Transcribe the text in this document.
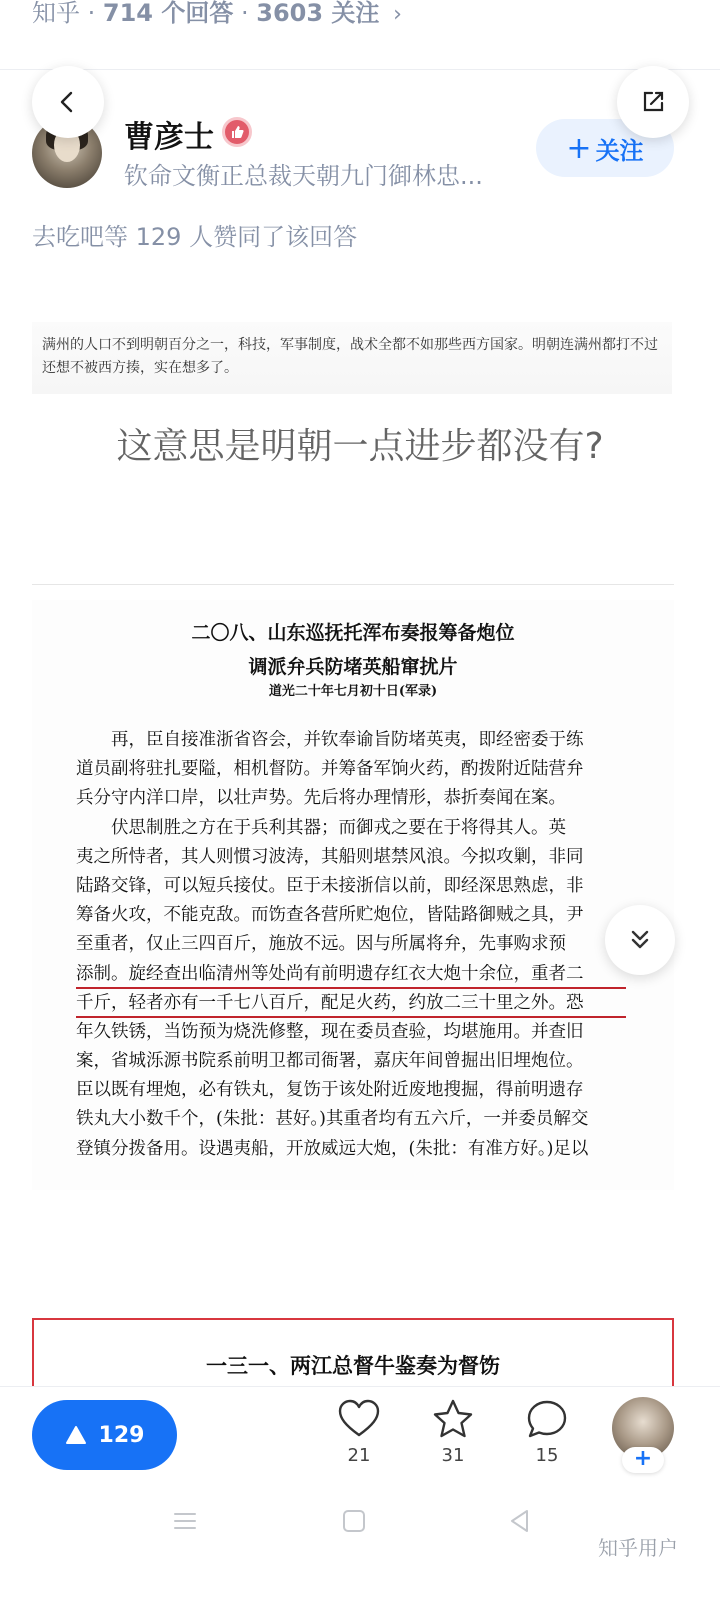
知乎 · 714 个回答 · 3603 关注 ›
曹彦士
钦命文衡正总裁天朝九门御林忠...
+ 关注
去吃吧等 129 人赞同了该回答
满州的人口不到明朝百分之一，科技，军事制度，战术全都不如那些西方国家。明朝连满州都打不过还想不被西方揍，实在想多了。
这意思是明朝一点进步都没有?
二〇八、山东巡抚托浑布奏报筹备炮位
调派弁兵防堵英船窜扰片
道光二十年七月初十日(军录)
　　再，臣自接准浙省咨会，并钦奉谕旨防堵英夷，即经密委于练
道员副将驻扎要隘，相机督防。并筹备军饷火药，酌拨附近陆营弁
兵分守内洋口岸，以壮声势。先后将办理情形，恭折奏闻在案。
　　伏思制胜之方在于兵利其器；而御戎之要在于将得其人。英
夷之所恃者，其人则惯习波涛，其船则堪禁风浪。今拟攻剿，非同
陆路交锋，可以短兵接仗。臣于未接浙信以前，即经深思熟虑，非
筹备火攻，不能克敌。而饬查各营所贮炮位，皆陆路御贼之具，尹
至重者，仅止三四百斤，施放不远。因与所属将弁，先事购求预
添制。旋经查出临清州等处尚有前明遗存红衣大炮十余位，重者二
千斤，轻者亦有一千七八百斤，配足火药，约放二三十里之外。恐
年久铁锈，当饬预为烧洗修整，现在委员查验，均堪施用。并查旧
案，省城泺源书院系前明卫都司衙署，嘉庆年间曾掘出旧埋炮位。
臣以既有埋炮，必有铁丸，复饬于该处附近废地搜掘，得前明遗存
铁丸大小数千个，(朱批：甚好。)其重者均有五六斤，一并委员解交
登镇分拨备用。设遇夷船，开放威远大炮，(朱批：有准方好。)足以
一三一、两江总督牛鉴奏为督饬
129
21	31	15	+
知乎用户
